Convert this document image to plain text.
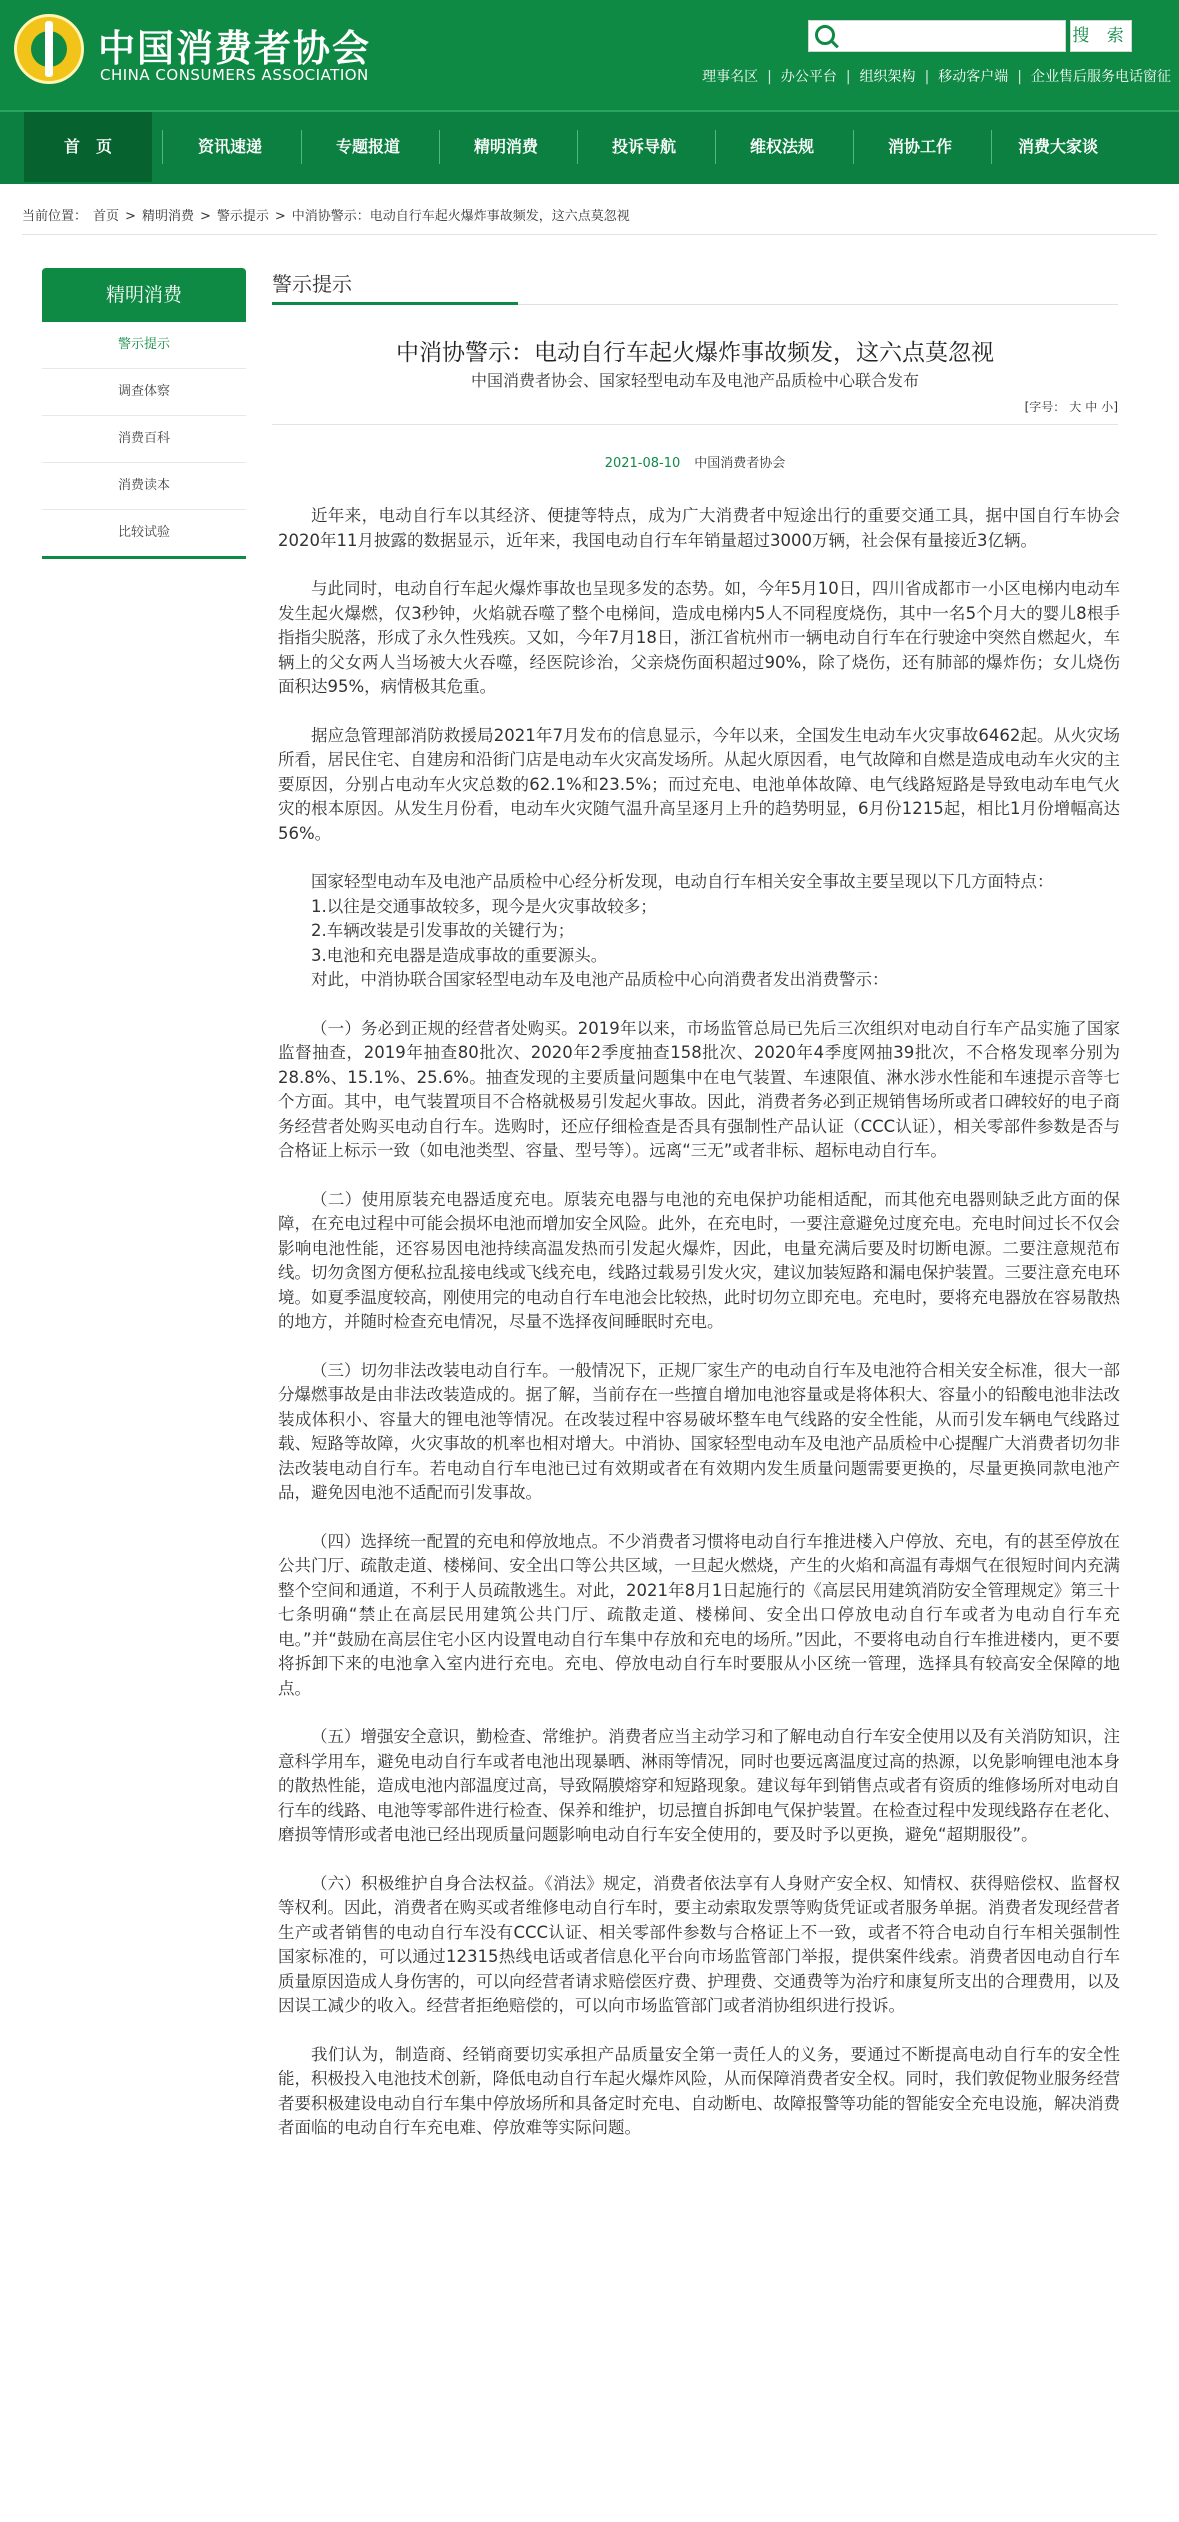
中国消费者协会
CHINA CONSUMERS ASSOCIATION
搜 索
理事名区 | 办公平台 | 组织架构 | 移动客户端 | 企业售后服务电话窗征
首　页	资讯速递	专题报道	精明消费	投诉导航	维权法规	消协工作	消费大家谈
当前位置： 首页 > 精明消费 > 警示提示 > 中消协警示：电动自行车起火爆炸事故频发，这六点莫忽视
精明消费
警示提示
调查体察
消费百科
消费读本
比较试验
警示提示
中消协警示：电动自行车起火爆炸事故频发，这六点莫忽视
中国消费者协会、国家轻型电动车及电池产品质检中心联合发布
[字号： 大 中 小]
2021-08-10 中国消费者协会

近年来，电动自行车以其经济、便捷等特点，成为广大消费者中短途出行的重要交通工具，据中国自行车协会2020年11月披露的数据显示，近年来，我国电动自行车年销量超过3000万辆，社会保有量接近3亿辆。

与此同时，电动自行车起火爆炸事故也呈现多发的态势。如，今年5月10日，四川省成都市一小区电梯内电动车发生起火爆燃，仅3秒钟，火焰就吞噬了整个电梯间，造成电梯内5人不同程度烧伤，其中一名5个月大的婴儿8根手指指尖脱落，形成了永久性残疾。又如，今年7月18日，浙江省杭州市一辆电动自行车在行驶途中突然自燃起火，车辆上的父女两人当场被大火吞噬，经医院诊治，父亲烧伤面积超过90%，除了烧伤，还有肺部的爆炸伤；女儿烧伤面积达95%，病情极其危重。

据应急管理部消防救援局2021年7月发布的信息显示，今年以来，全国发生电动车火灾事故6462起。从火灾场所看，居民住宅、自建房和沿街门店是电动车火灾高发场所。从起火原因看，电气故障和自燃是造成电动车火灾的主要原因，分别占电动车火灾总数的62.1%和23.5%；而过充电、电池单体故障、电气线路短路是导致电动车电气火灾的根本原因。从发生月份看，电动车火灾随气温升高呈逐月上升的趋势明显，6月份1215起，相比1月份增幅高达56%。

国家轻型电动车及电池产品质检中心经分析发现，电动自行车相关安全事故主要呈现以下几方面特点：

1.以往是交通事故较多，现今是火灾事故较多；

2.车辆改装是引发事故的关键行为；

3.电池和充电器是造成事故的重要源头。

对此，中消协联合国家轻型电动车及电池产品质检中心向消费者发出消费警示：

（一）务必到正规的经营者处购买。2019年以来，市场监管总局已先后三次组织对电动自行车产品实施了国家监督抽查，2019年抽查80批次、2020年2季度抽查158批次、2020年4季度网抽39批次，不合格发现率分别为28.8%、15.1%、25.6%。抽查发现的主要质量问题集中在电气装置、车速限值、淋水涉水性能和车速提示音等七个方面。其中，电气装置项目不合格就极易引发起火事故。因此，消费者务必到正规销售场所或者口碑较好的电子商务经营者处购买电动自行车。选购时，还应仔细检查是否具有强制性产品认证（CCC认证），相关零部件参数是否与合格证上标示一致（如电池类型、容量、型号等）。远离“三无”或者非标、超标电动自行车。

（二）使用原装充电器适度充电。原装充电器与电池的充电保护功能相适配，而其他充电器则缺乏此方面的保障，在充电过程中可能会损坏电池而增加安全风险。此外，在充电时，一要注意避免过度充电。充电时间过长不仅会影响电池性能，还容易因电池持续高温发热而引发起火爆炸，因此，电量充满后要及时切断电源。二要注意规范布线。切勿贪图方便私拉乱接电线或飞线充电，线路过载易引发火灾，建议加装短路和漏电保护装置。三要注意充电环境。如夏季温度较高，刚使用完的电动自行车电池会比较热，此时切勿立即充电。充电时，要将充电器放在容易散热的地方，并随时检查充电情况，尽量不选择夜间睡眠时充电。

（三）切勿非法改装电动自行车。一般情况下，正规厂家生产的电动自行车及电池符合相关安全标准，很大一部分爆燃事故是由非法改装造成的。据了解，当前存在一些擅自增加电池容量或是将体积大、容量小的铅酸电池非法改装成体积小、容量大的锂电池等情况。在改装过程中容易破坏整车电气线路的安全性能，从而引发车辆电气线路过载、短路等故障，火灾事故的机率也相对增大。中消协、国家轻型电动车及电池产品质检中心提醒广大消费者切勿非法改装电动自行车。若电动自行车电池已过有效期或者在有效期内发生质量问题需要更换的，尽量更换同款电池产品，避免因电池不适配而引发事故。

（四）选择统一配置的充电和停放地点。不少消费者习惯将电动自行车推进楼入户停放、充电，有的甚至停放在公共门厅、疏散走道、楼梯间、安全出口等公共区域，一旦起火燃烧，产生的火焰和高温有毒烟气在很短时间内充满整个空间和通道，不利于人员疏散逃生。对此，2021年8月1日起施行的《高层民用建筑消防安全管理规定》第三十七条明确“禁止在高层民用建筑公共门厅、疏散走道、楼梯间、安全出口停放电动自行车或者为电动自行车充电。”并“鼓励在高层住宅小区内设置电动自行车集中存放和充电的场所。”因此，不要将电动自行车推进楼内，更不要将拆卸下来的电池拿入室内进行充电。充电、停放电动自行车时要服从小区统一管理，选择具有较高安全保障的地点。

（五）增强安全意识，勤检查、常维护。消费者应当主动学习和了解电动自行车安全使用以及有关消防知识，注意科学用车，避免电动自行车或者电池出现暴晒、淋雨等情况，同时也要远离温度过高的热源，以免影响锂电池本身的散热性能，造成电池内部温度过高，导致隔膜熔穿和短路现象。建议每年到销售点或者有资质的维修场所对电动自行车的线路、电池等零部件进行检查、保养和维护，切忌擅自拆卸电气保护装置。在检查过程中发现线路存在老化、磨损等情形或者电池已经出现质量问题影响电动自行车安全使用的，要及时予以更换，避免“超期服役”。

（六）积极维护自身合法权益。《消法》规定，消费者依法享有人身财产安全权、知情权、获得赔偿权、监督权等权利。因此，消费者在购买或者维修电动自行车时，要主动索取发票等购货凭证或者服务单据。消费者发现经营者生产或者销售的电动自行车没有CCC认证、相关零部件参数与合格证上不一致，或者不符合电动自行车相关强制性国家标准的，可以通过12315热线电话或者信息化平台向市场监管部门举报，提供案件线索。消费者因电动自行车质量原因造成人身伤害的，可以向经营者请求赔偿医疗费、护理费、交通费等为治疗和康复所支出的合理费用，以及因误工减少的收入。经营者拒绝赔偿的，可以向市场监管部门或者消协组织进行投诉。

我们认为，制造商、经销商要切实承担产品质量安全第一责任人的义务，要通过不断提高电动自行车的安全性能，积极投入电池技术创新，降低电动自行车起火爆炸风险，从而保障消费者安全权。同时，我们敦促物业服务经营者要积极建设电动自行车集中停放场所和具备定时充电、自动断电、故障报警等功能的智能安全充电设施，解决消费者面临的电动自行车充电难、停放难等实际问题。
